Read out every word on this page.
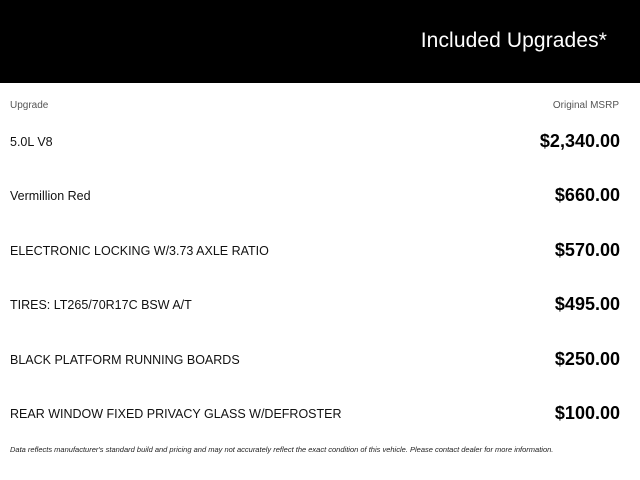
Included Upgrades*
Upgrade	Original MSRP
5.0L V8	$2,340.00
Vermillion Red	$660.00
ELECTRONIC LOCKING W/3.73 AXLE RATIO	$570.00
TIRES: LT265/70R17C BSW A/T	$495.00
BLACK PLATFORM RUNNING BOARDS	$250.00
REAR WINDOW FIXED PRIVACY GLASS W/DEFROSTER	$100.00
Data reflects manufacturer's standard build and pricing and may not accurately reflect the exact condition of this vehicle. Please contact dealer for more information.
